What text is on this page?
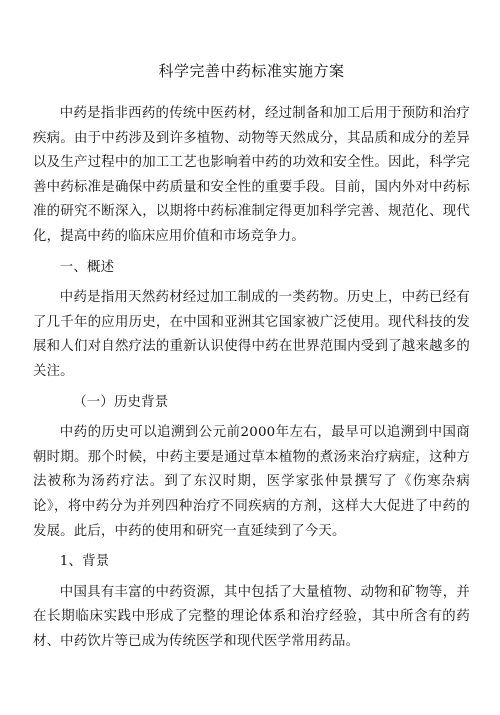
科学完善中药标准实施方案

中药是指非西药的传统中医药材，经过制备和加工后用于预防和治疗疾病。由于中药涉及到许多植物、动物等天然成分，其品质和成分的差异以及生产过程中的加工工艺也影响着中药的功效和安全性。因此，科学完善中药标准是确保中药质量和安全性的重要手段。目前，国内外对中药标准的研究不断深入，以期将中药标准制定得更加科学完善、规范化、现代化，提高中药的临床应用价值和市场竞争力。

一、概述

中药是指用天然药材经过加工制成的一类药物。历史上，中药已经有了几千年的应用历史，在中国和亚洲其它国家被广泛使用。现代科技的发展和人们对自然疗法的重新认识使得中药在世界范围内受到了越来越多的关注。

（一）历史背景

中药的历史可以追溯到公元前2000年左右，最早可以追溯到中国商朝时期。那个时候，中药主要是通过草本植物的煮汤来治疗病症，这种方法被称为汤药疗法。到了东汉时期，医学家张仲景撰写了《伤寒杂病论》，将中药分为并列四种治疗不同疾病的方剂，这样大大促进了中药的发展。此后，中药的使用和研究一直延续到了今天。

1、背景

中国具有丰富的中药资源，其中包括了大量植物、动物和矿物等，并在长期临床实践中形成了完整的理论体系和治疗经验，其中所含有的药材、中药饮片等已成为传统医学和现代医学常用药品。
